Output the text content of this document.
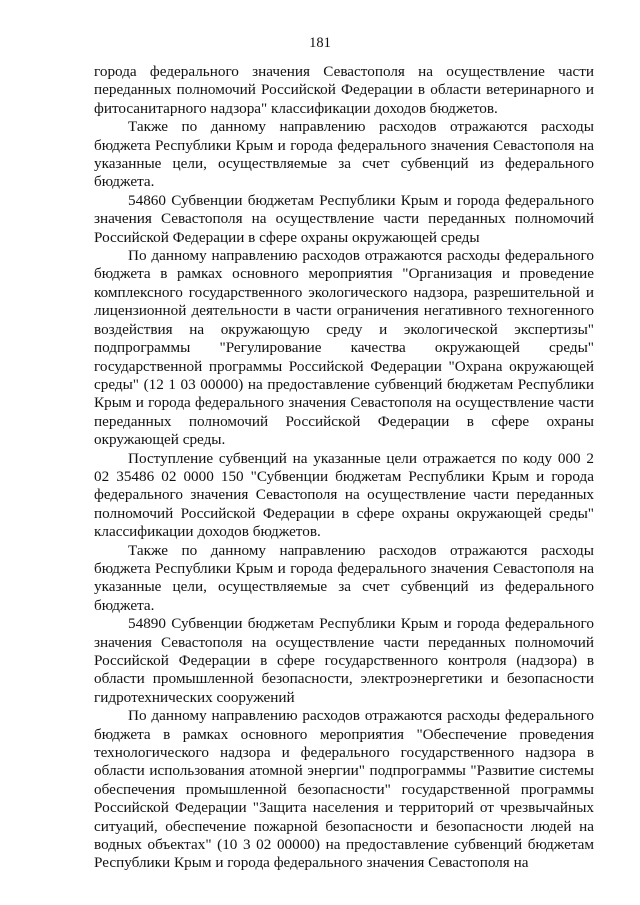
181

города федерального значения Севастополя на осуществление части переданных полномочий Российской Федерации в области ветеринарного и фитосанитарного надзора" классификации доходов бюджетов.

Также по данному направлению расходов отражаются расходы бюджета Республики Крым и города федерального значения Севастополя на указанные цели, осуществляемые за счет субвенций из федерального бюджета.

54860 Субвенции бюджетам Республики Крым и города федерального значения Севастополя на осуществление части переданных полномочий Российской Федерации в сфере охраны окружающей среды

По данному направлению расходов отражаются расходы федерального бюджета в рамках основного мероприятия "Организация и проведение комплексного государственного экологического надзора, разрешительной и лицензионной деятельности в части ограничения негативного техногенного воздействия на окружающую среду и экологической экспертизы" подпрограммы "Регулирование качества окружающей среды" государственной программы Российской Федерации "Охрана окружающей среды" (12 1 03 00000) на предоставление субвенций бюджетам Республики Крым и города федерального значения Севастополя на осуществление части переданных полномочий Российской Федерации в сфере охраны окружающей среды.

Поступление субвенций на указанные цели отражается по коду 000 2 02 35486 02 0000 150 "Субвенции бюджетам Республики Крым и города федерального значения Севастополя на осуществление части переданных полномочий Российской Федерации в сфере охраны окружающей среды" классификации доходов бюджетов.

Также по данному направлению расходов отражаются расходы бюджета Республики Крым и города федерального значения Севастополя на указанные цели, осуществляемые за счет субвенций из федерального бюджета.

54890 Субвенции бюджетам Республики Крым и города федерального значения Севастополя на осуществление части переданных полномочий Российской Федерации в сфере государственного контроля (надзора) в области промышленной безопасности, электроэнергетики и безопасности гидротехнических сооружений

По данному направлению расходов отражаются расходы федерального бюджета в рамках основного мероприятия "Обеспечение проведения технологического надзора и федерального государственного надзора в области использования атомной энергии" подпрограммы "Развитие системы обеспечения промышленной безопасности" государственной программы Российской Федерации "Защита населения и территорий от чрезвычайных ситуаций, обеспечение пожарной безопасности и безопасности людей на водных объектах" (10 3 02 00000) на предоставление субвенций бюджетам Республики Крым и города федерального значения Севастополя на
